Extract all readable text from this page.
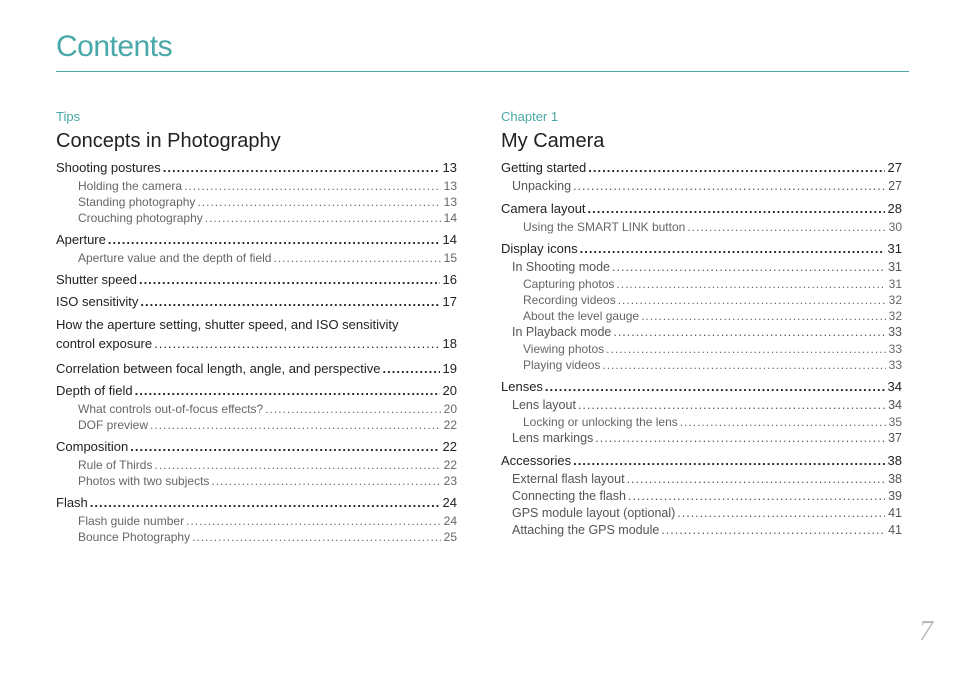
Contents
Tips
Concepts in Photography
Shooting postures .....	13
Holding the camera .....	13
Standing photography .....	13
Crouching photography .....	14
Aperture .....	14
Aperture value and the depth of field .....	15
Shutter speed .....	16
ISO sensitivity .....	17
How the aperture setting, shutter speed, and ISO sensitivity
control exposure .....	18
Correlation between focal length, angle, and perspective .....	19
Depth of field .....	20
What controls out-of-focus effects? .....	20
DOF preview .....	22
Composition .....	22
Rule of Thirds .....	22
Photos with two subjects .....	23
Flash .....	24
Flash guide number .....	24
Bounce Photography .....	25
Chapter 1
My Camera
Getting started .....	27
Unpacking .....	27
Camera layout .....	28
Using the SMART LINK button .....	30
Display icons .....	31
In Shooting mode .....	31
Capturing photos .....	31
Recording videos .....	32
About the level gauge .....	32
In Playback mode .....	33
Viewing photos .....	33
Playing videos .....	33
Lenses .....	34
Lens layout .....	34
Locking or unlocking the lens .....	35
Lens markings .....	37
Accessories .....	38
External flash layout .....	38
Connecting the flash .....	39
GPS module layout (optional) .....	41
Attaching the GPS module .....	41
7
